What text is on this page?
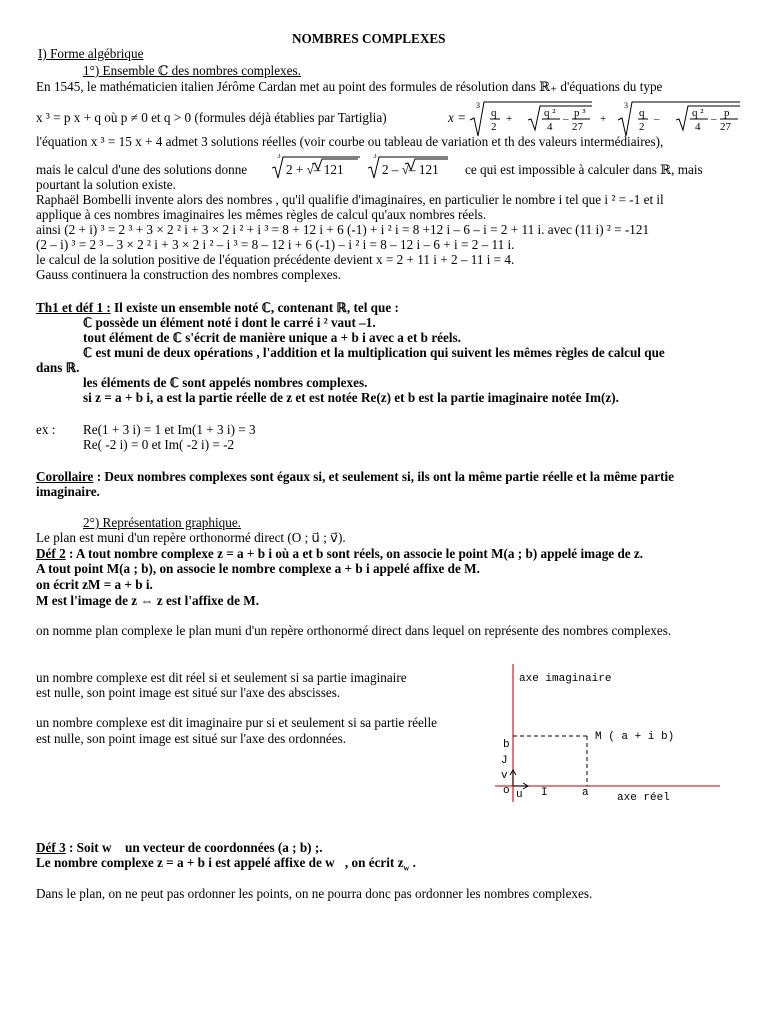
NOMBRES COMPLEXES
I) Forme algébrique
1°) Ensemble ℂ des nombres complexes.
En 1545, le mathématicien italien Jérôme Cardan met au point des formules de résolution dans ℝ₊ d'équations du type
x ³ = p x + q où p ≠ 0 et q > 0 (formules déjà établies par Tartiglia)	x =
3
q
2
+	q ²
4
– p ³
27
+
3
q
2
–	q ²
4
– p
27
l'équation x ³ = 15 x + 4 admet 3 solutions réelles (voir courbe ou tableau de variation et th des valeurs intermédiaires),
mais le calcul d'une des solutions donne
3	3
2 + √– 121	2 – √– 121 ce qui est impossible à calculer dans ℝ, mais
pourtant la solution existe.
Raphaël Bombelli invente alors des nombres , qu'il qualifie d'imaginaires, en particulier le nombre i tel que i ² = -1 et il
applique à ces nombres imaginaires les mêmes règles de calcul qu'aux nombres réels.
ainsi (2 + i) ³ = 2 ³ + 3 × 2 ² i + 3 × 2 i ² + i ³ = 8 + 12 i + 6 (-1) + i ² i = 8 +12 i – 6 – i = 2 + 11 i. avec (11 i) ² = -121
(2 – i) ³ = 2 ³ – 3 × 2 ² i + 3 × 2 i ² – i ³ = 8 – 12 i + 6 (-1) – i ² i = 8 – 12 i – 6 + i = 2 – 11 i.
le calcul de la solution positive de l'équation précédente devient x = 2 + 11 i + 2 – 11 i = 4.
Gauss continuera la construction des nombres complexes.
Th1 et déf 1 : Il existe un ensemble noté ℂ, contenant ℝ, tel que :
ℂ possède un élément noté i dont le carré i ² vaut –1.
tout élément de ℂ s'écrit de manière unique a + b i avec a et b réels.
ℂ est muni de deux opérations , l'addition et la multiplication qui suivent les mêmes règles de calcul que
dans ℝ.
les éléments de ℂ sont appelés nombres complexes.
si z = a + b i, a est la partie réelle de z et est notée Re(z) et b est la partie imaginaire notée Im(z).
ex : Re(1 + 3 i) = 1 et Im(1 + 3 i) = 3
Re( -2 i) = 0 et Im( -2 i) = -2
Corollaire : Deux nombres complexes sont égaux si, et seulement si, ils ont la même partie réelle et la même partie
imaginaire.
2°) Représentation graphique.
Le plan est muni d'un repère orthonormé direct (O ; u⃗ ; v⃗).
Déf 2 : A tout nombre complexe z = a + b i où a et b sont réels, on associe le point M(a ; b) appelé image de z.
A tout point M(a ; b), on associe le nombre complexe a + b i appelé affixe de M.
on écrit zM = a + b i.
M est l'image de z ⇔ z est l'affixe de M.
on nomme plan complexe le plan muni d'un repère orthonormé direct dans lequel on représente des nombres complexes.
un nombre complexe est dit réel si et seulement si sa partie imaginaire
est nulle, son point image est situé sur l'axe des abscisses.
un nombre complexe est dit imaginaire pur si et seulement si sa partie réelle
est nulle, son point image est situé sur l'axe des ordonnées.
axe imaginaire
M ( a + i b)
b
J
v
o u I	a	axe réel
Déf 3 : Soit w⃗ un vecteur de coordonnées (a ; b) ;.
Le nombre complexe z = a + b i est appelé affixe de w⃗, on écrit $z_w$ .
Dans le plan, on ne peut pas ordonner les points, on ne pourra donc pas ordonner les nombres complexes.
